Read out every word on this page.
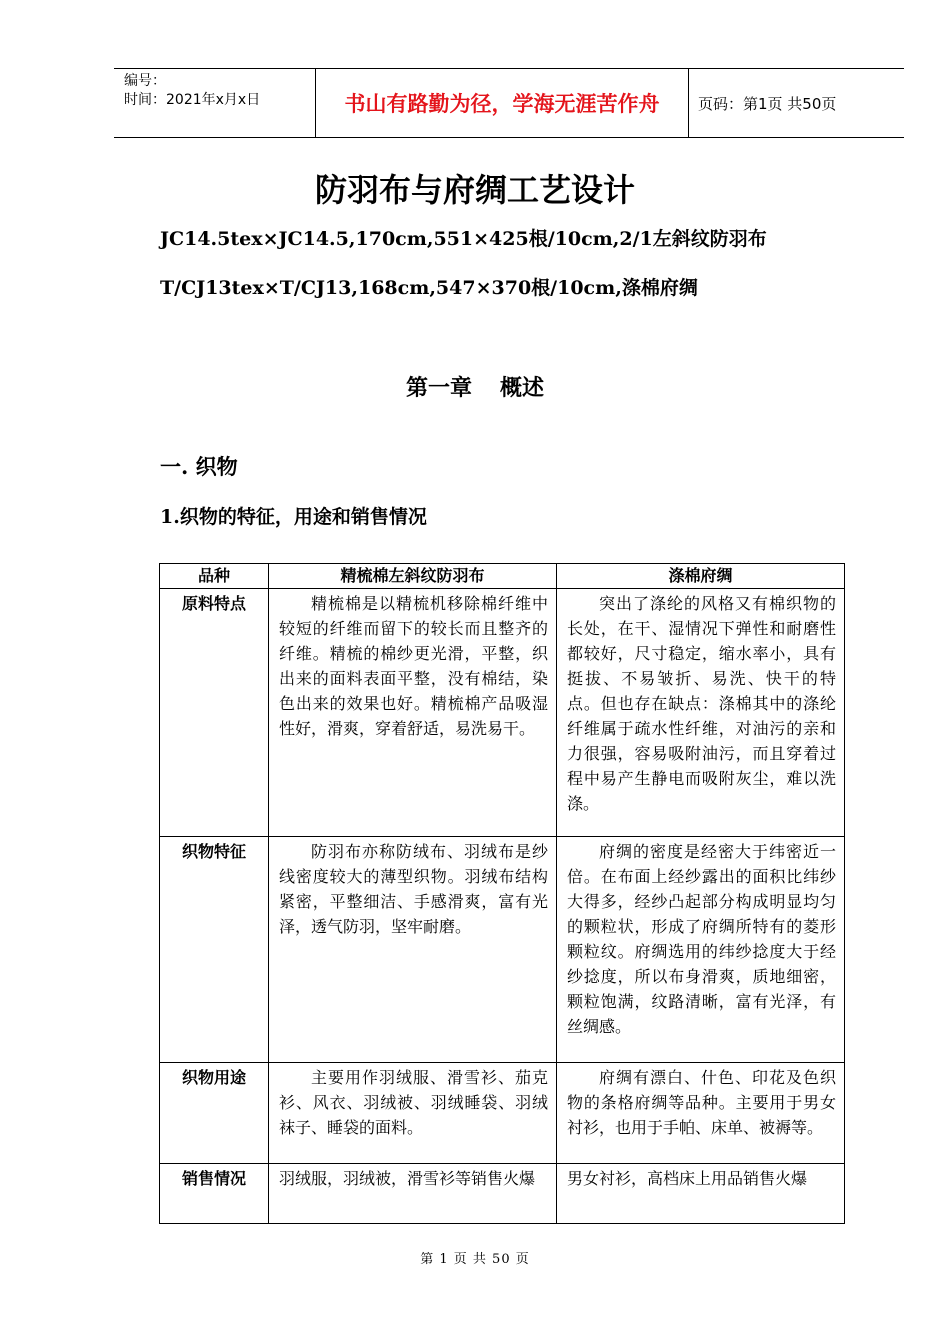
编号：
时间：2021年x月x日	书山有路勤为径，学海无涯苦作舟	页码：第1页 共50页
防羽布与府绸工艺设计
JC14.5tex×JC14.5,170cm,551×425根/10cm,2/1左斜纹防羽布
T/CJ13tex×T/CJ13,168cm,547×370根/10cm,涤棉府绸
第一章 概述
一. 织物
1.织物的特征，用途和销售情况
品种	精梳棉左斜纹防羽布	涤棉府绸
原料特点	精梳棉是以精梳机移除棉纤维中较短的纤维而留下的较长而且整齐的纤维。精梳的棉纱更光滑，平整，织出来的面料表面平整，没有棉结，染色出来的效果也好。精梳棉产品吸湿性好，滑爽，穿着舒适，易洗易干。	突出了涤纶的风格又有棉织物的长处，在干、湿情况下弹性和耐磨性都较好，尺寸稳定，缩水率小，具有挺拔、不易皱折、易洗、快干的特点。但也存在缺点：涤棉其中的涤纶纤维属于疏水性纤维，对油污的亲和力很强，容易吸附油污，而且穿着过程中易产生静电而吸附灰尘，难以洗涤。
织物特征	防羽布亦称防绒布、羽绒布是纱线密度较大的薄型织物。羽绒布结构紧密，平整细洁、手感滑爽，富有光泽，透气防羽，坚牢耐磨。	府绸的密度是经密大于纬密近一倍。在布面上经纱露出的面积比纬纱大得多，经纱凸起部分构成明显均匀的颗粒状，形成了府绸所特有的菱形颗粒纹。府绸选用的纬纱捻度大于经纱捻度，所以布身滑爽，质地细密，颗粒饱满，纹路清晰，富有光泽，有丝绸感。
织物用途	主要用作羽绒服、滑雪衫、茄克衫、风衣、羽绒被、羽绒睡袋、羽绒袜子、睡袋的面料。	府绸有漂白、什色、印花及色织物的条格府绸等品种。主要用于男女衬衫，也用于手帕、床单、被褥等。
销售情况	羽绒服，羽绒被，滑雪衫等销售火爆	男女衬衫，高档床上用品销售火爆
第 1 页 共 50 页
